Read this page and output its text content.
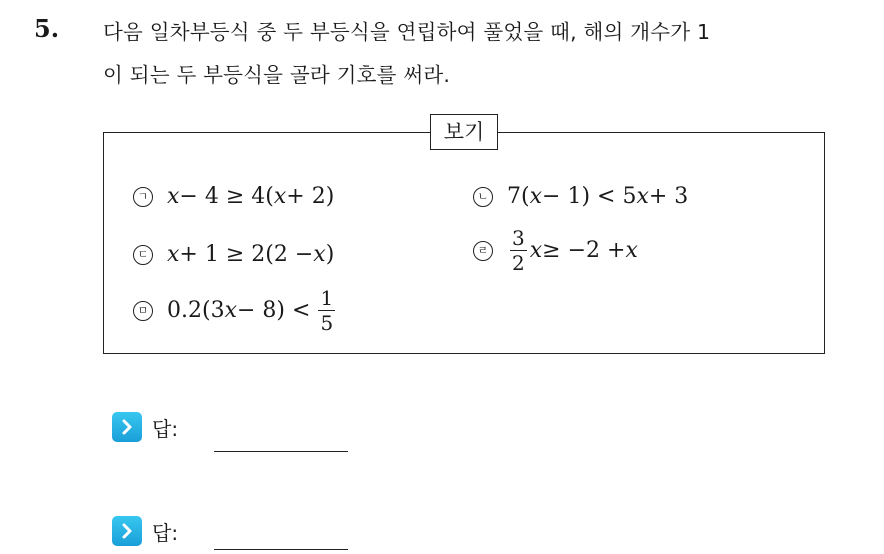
5. 다음 일차부등식 중 두 부등식을 연립하여 풀었을 때, 해의 개수가 1
이 되는 두 부등식을 골라 기호를 써라.
보기
ㄱ x − 4 ≥ 4( x + 2)	ㄴ 7( x − 1) < 5 x + 3
ㄷ x + 1 ≥ 2(2 − x )	ㄹ $\frac{3}{2}$ x ≥ −2 + x
ㅁ 0.2(3 $x - 8) < \frac{1}{5}$
답:
답:
